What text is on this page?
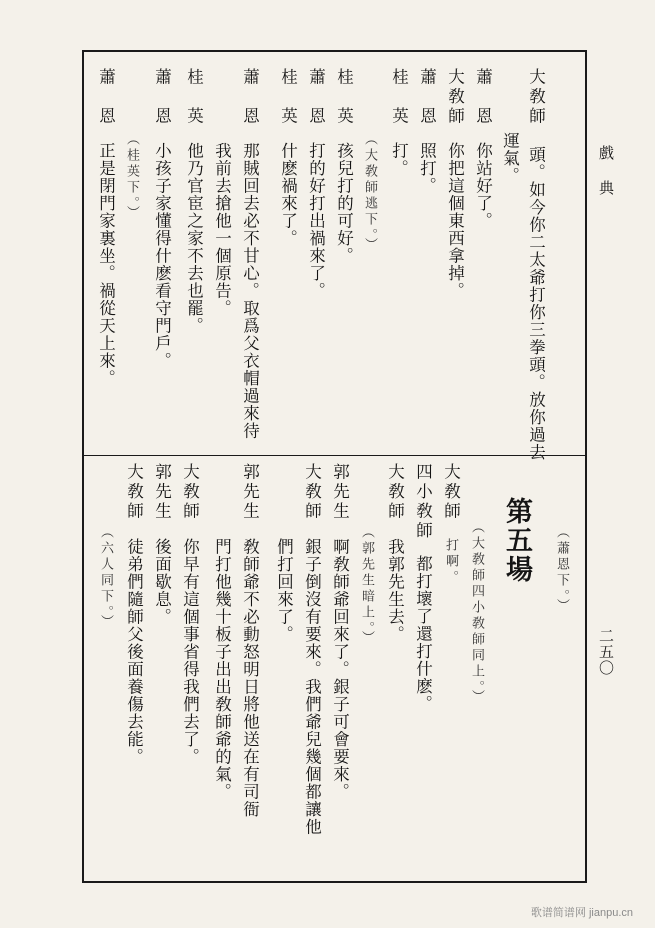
戲 典
二五〇
大敎師
頭。如今你二太爺打你三拳頭。放你過去
運氣。
蕭　恩
你站好了。
大敎師
你把這個東西拿掉。
蕭　恩
照打。
桂　英
打。
（大敎師逃下。）
桂　英
孩兒打的可好。
蕭　恩
打的好打出禍來了。
桂　英
什麽禍來了。
蕭　恩
那賊回去必不甘心。取爲父衣帽過來待
我前去搶他一個原告。
桂　英
他乃官宦之家不去也罷。
蕭　恩
小孩子家懂得什麽看守門戶。
（桂英下。）
蕭　恩
正是閉門家裏坐。禍從天上來。
（蕭恩下。）
第五場
（大敎師四小敎師同上。）
大敎師
打啊。
四小敎師
都打壞了還打什麽。
大敎師
我郭先生去。
（郭先生暗上。）
郭先生
啊敎師爺回來了。銀子可會要來。
大敎師
銀子倒沒有要來。我們爺兒幾個都讓他
們打回來了。
郭先生
敎師爺不必動怒明日將他送在有司衙
門打他幾十板子出出敎師爺的氣。
大敎師
你早有這個事省得我們去了。
郭先生
後面歇息。
大敎師
徒弟們隨師父後面養傷去能。
（六人同下。）
歌谱简谱网 jianpu.cn
